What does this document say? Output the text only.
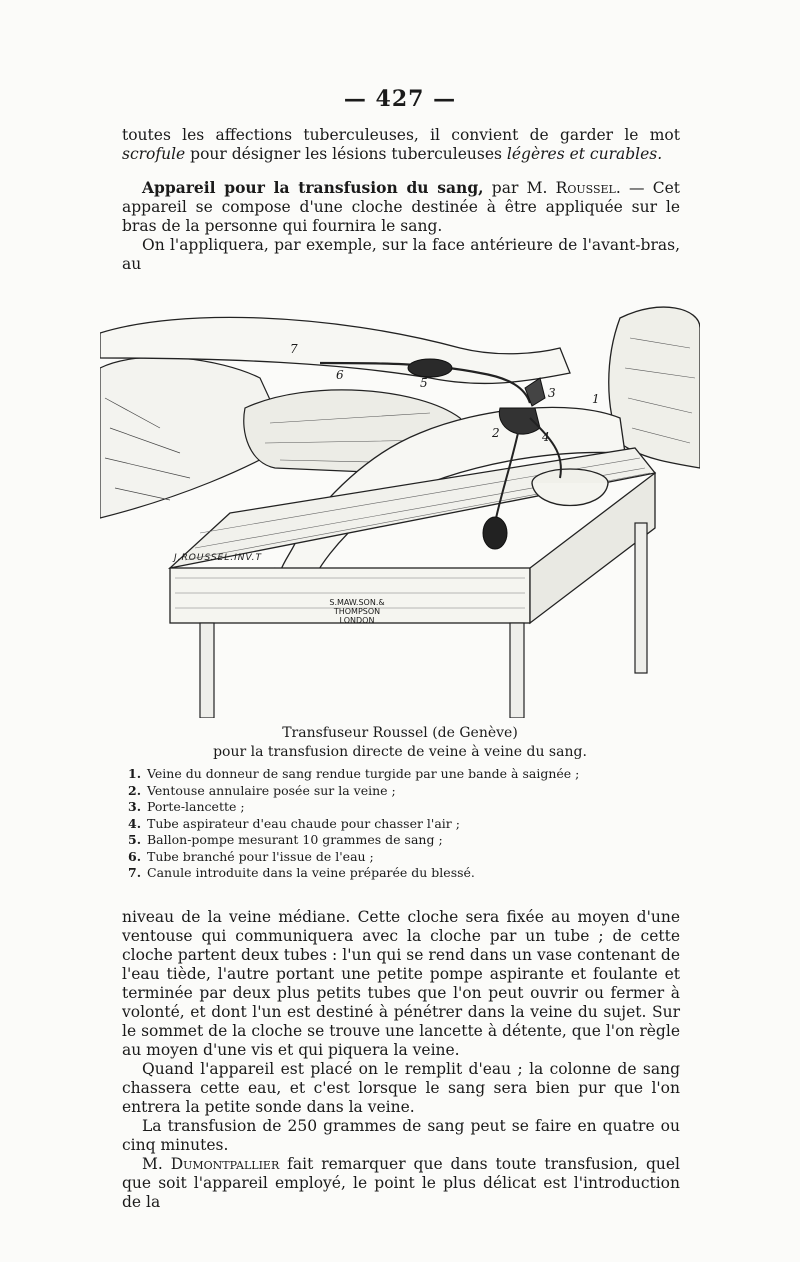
— 427 —

toutes les affections tuberculeuses, il convient de garder le mot scrofule pour désigner les lésions tuberculeuses légères et curables.

Appareil pour la transfusion du sang, par M. Roussel. — Cet appareil se compose d'une cloche destinée à être appliquée sur le bras de la personne qui fournira le sang.

On l'appliquera, par exemple, sur la face antérieure de l'avant-bras, au

7
6
5
3	1
2	4
J.ROUSSEL.INV.T
S.MAW.SON.&
THOMPSON
LONDON
Transfuseur Roussel (de Genève)
pour la transfusion directe de veine à veine du sang.
1. Veine du donneur de sang rendue turgide par une bande à saignée ;
2. Ventouse annulaire posée sur la veine ;
3. Porte-lancette ;
4. Tube aspirateur d'eau chaude pour chasser l'air ;
5. Ballon-pompe mesurant 10 grammes de sang ;
6. Tube branché pour l'issue de l'eau ;
7. Canule introduite dans la veine préparée du blessé.

niveau de la veine médiane. Cette cloche sera fixée au moyen d'une ventouse qui communiquera avec la cloche par un tube ; de cette cloche partent deux tubes : l'un qui se rend dans un vase contenant de l'eau tiède, l'autre portant une petite pompe aspirante et foulante et terminée par deux plus petits tubes que l'on peut ouvrir ou fermer à volonté, et dont l'un est destiné à pénétrer dans la veine du sujet. Sur le sommet de la cloche se trouve une lancette à détente, que l'on règle au moyen d'une vis et qui piquera la veine.

Quand l'appareil est placé on le remplit d'eau ; la colonne de sang chassera cette eau, et c'est lorsque le sang sera bien pur que l'on entrera la petite sonde dans la veine.

La transfusion de 250 grammes de sang peut se faire en quatre ou cinq minutes.

M. Dumontpallier fait remarquer que dans toute transfusion, quel que soit l'appareil employé, le point le plus délicat est l'introduction de la
